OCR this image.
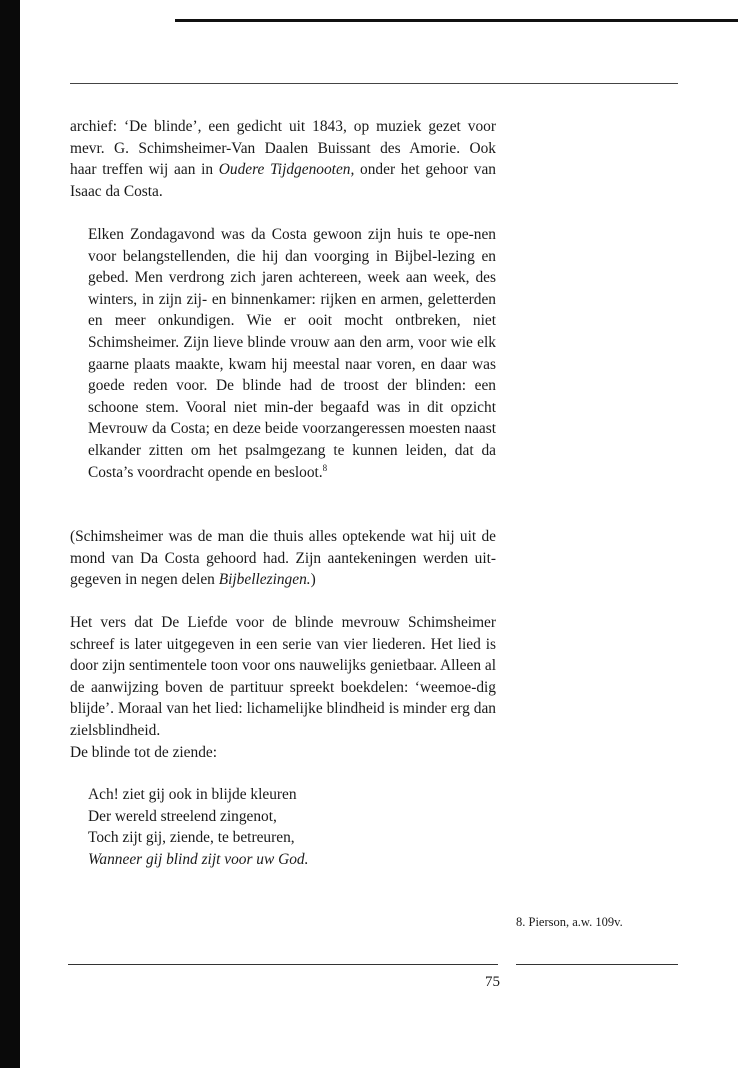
archief: ‘De blinde’, een gedicht uit 1843, op muziek gezet voor
mevr. G. Schimsheimer-Van Daalen Buissant des Amorie. Ook
haar treffen wij aan in Oudere Tijdgenooten, onder het gehoor van
Isaac da Costa.
Elken Zondagavond was da Costa gewoon zijn huis te ope-nen voor belangstellenden, die hij dan voorging in Bijbel-lezing en gebed. Men verdrong zich jaren achtereen, week aan week, des winters, in zijn zij- en binnenkamer: rijken en armen, geletterden en meer onkundigen. Wie er ooit mocht ontbreken, niet Schimsheimer. Zijn lieve blinde vrouw aan den arm, voor wie elk gaarne plaats maakte, kwam hij meestal naar voren, en daar was goede reden voor. De blinde had de troost der blinden: een schoone stem. Vooral niet min-der begaafd was in dit opzicht Mevrouw da Costa; en deze beide voorzangeressen moesten naast elkander zitten om het psalmgezang te kunnen leiden, dat da Costa’s voordracht opende en besloot.$^8$
(Schimsheimer was de man die thuis alles optekende wat hij uit de mond van Da Costa gehoord had. Zijn aantekeningen werden uit-gegeven in negen delen Bijbellezingen.)
Het vers dat De Liefde voor de blinde mevrouw Schimsheimer schreef is later uitgegeven in een serie van vier liederen. Het lied is door zijn sentimentele toon voor ons nauwelijks genietbaar. Alleen al de aanwijzing boven de partituur spreekt boekdelen: ‘weemoe-dig blijde’. Moraal van het lied: lichamelijke blindheid is minder erg dan zielsblindheid.
De blinde tot de ziende:
Ach! ziet gij ook in blijde kleuren
Der wereld streelend zingenot,
Toch zijt gij, ziende, te betreuren,
Wanneer gij blind zijt voor uw God.
8. Pierson, a.w. 109v.
75
